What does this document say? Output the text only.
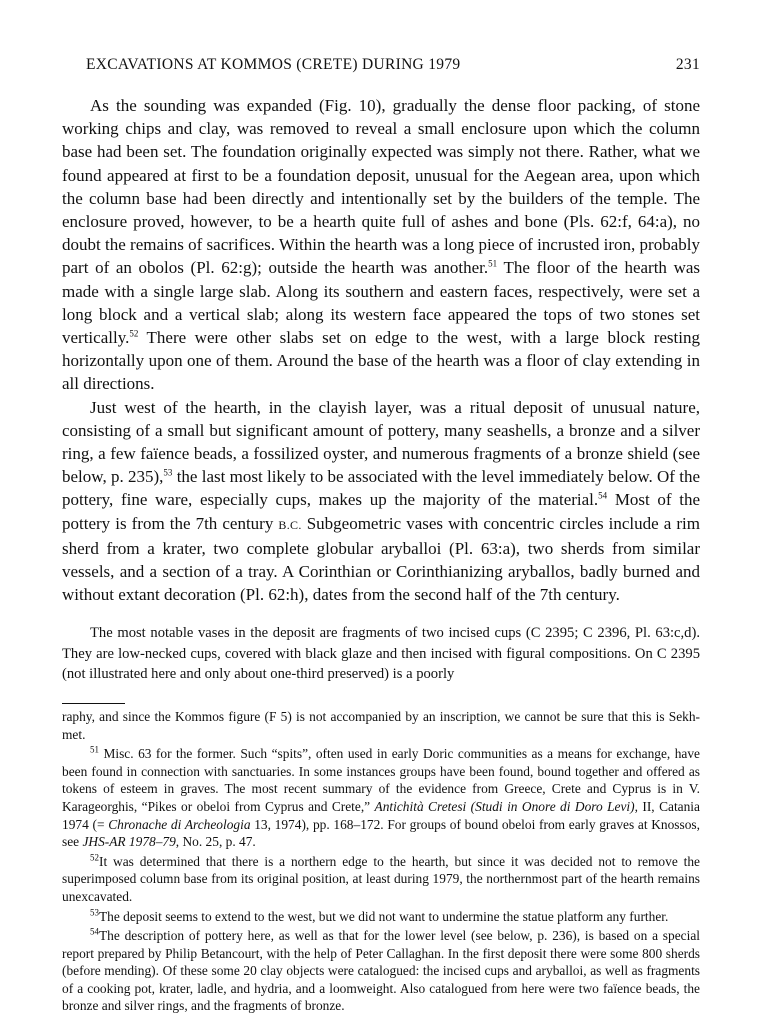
EXCAVATIONS AT KOMMOS (CRETE) DURING 1979	231

As the sounding was expanded (Fig. 10), gradually the dense floor packing, of stone working chips and clay, was removed to reveal a small enclosure upon which the column base had been set. The foundation originally expected was simply not there. Rather, what we found appeared at first to be a foundation deposit, unusual for the Aegean area, upon which the column base had been directly and intentionally set by the builders of the temple. The enclosure proved, however, to be a hearth quite full of ashes and bone (Pls. 62:f, 64:a), no doubt the remains of sacrifices. Within the hearth was a long piece of incrusted iron, probably part of an obolos (Pl. 62:g); outside the hearth was another.$^{51}$ The floor of the hearth was made with a single large slab. Along its southern and eastern faces, respectively, were set a long block and a vertical slab; along its western face appeared the tops of two stones set vertically.$^{52}$ There were other slabs set on edge to the west, with a large block resting horizontally upon one of them. Around the base of the hearth was a floor of clay extending in all directions.

Just west of the hearth, in the clayish layer, was a ritual deposit of unusual nature, consisting of a small but significant amount of pottery, many seashells, a bronze and a silver ring, a few faïence beads, a fossilized oyster, and numerous fragments of a bronze shield (see below, p. 235),$^{53}$ the last most likely to be associated with the level immediately below. Of the pottery, fine ware, especially cups, makes up the majority of the material.$^{54}$ Most of the pottery is from the 7th century B.C. Subgeometric vases with concentric circles include a rim sherd from a krater, two complete globular aryballoi (Pl. 63:a), two sherds from similar vessels, and a section of a tray. A Corinthian or Corinthianizing aryballos, badly burned and without extant decoration (Pl. 62:h), dates from the second half of the 7th century.

The most notable vases in the deposit are fragments of two incised cups (C 2395; C 2396, Pl. 63:c,d). They are low-necked cups, covered with black glaze and then incised with figural compositions. On C 2395 (not illustrated here and only about one-third preserved) is a poorly

raphy, and since the Kommos figure (F 5) is not accompanied by an inscription, we cannot be sure that this is Sekh-met.

$^{51}$ Misc. 63 for the former. Such “spits”, often used in early Doric communities as a means for exchange, have been found in connection with sanctuaries. In some instances groups have been found, bound together and offered as tokens of esteem in graves. The most recent summary of the evidence from Greece, Crete and Cyprus is in V. Karageorghis, “Pikes or obeloi from Cyprus and Crete,” Antichità Cretesi (Studi in Onore di Doro Levi), II, Catania 1974 (= Chronache di Archeologia 13, 1974), pp. 168–172. For groups of bound obeloi from early graves at Knossos, see JHS-AR 1978–79, No. 25, p. 47.

$^{52}$It was determined that there is a northern edge to the hearth, but since it was decided not to remove the superimposed column base from its original position, at least during 1979, the northernmost part of the hearth remains unexcavated.

$^{53}$The deposit seems to extend to the west, but we did not want to undermine the statue platform any further.

$^{54}$The description of pottery here, as well as that for the lower level (see below, p. 236), is based on a special report prepared by Philip Betancourt, with the help of Peter Callaghan. In the first deposit there were some 800 sherds (before mending). Of these some 20 clay objects were catalogued: the incised cups and aryballoi, as well as fragments of a cooking pot, krater, ladle, and hydria, and a loomweight. Also catalogued from here were two faïence beads, the bronze and silver rings, and the fragments of bronze.
